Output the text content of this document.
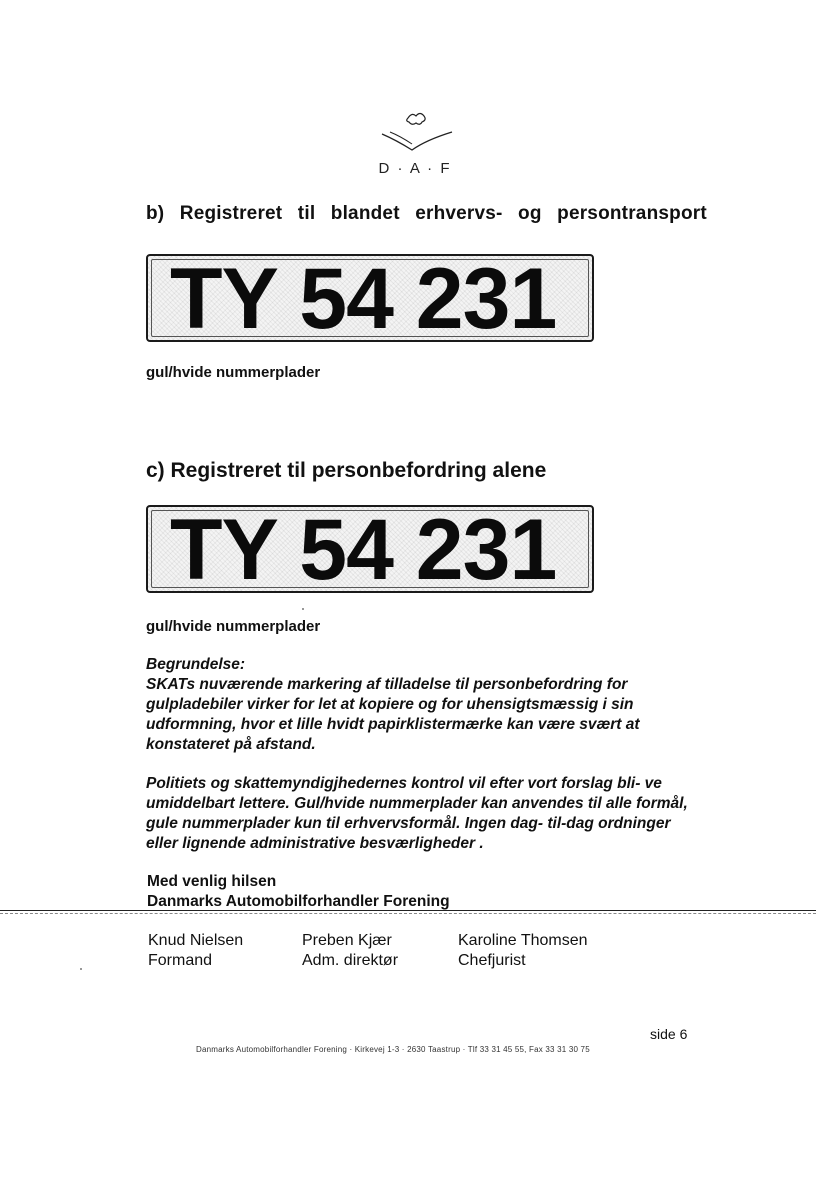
D · A · F
b) Registreret til blandet erhvervs- og persontransport
TY 54 231
gul/hvide nummerplader
c) Registreret til personbefordring alene
TY 54 231
gul/hvide nummerplader

Begrundelse:

SKATs nuværende markering af tilladelse til personbefordring for gulpladebiler virker for let at kopiere og for uhensigtsmæssig i sin udformning, hvor et lille hvidt papirklistermærke kan være svært at konstateret på afstand.

Politiets og skattemyndigjhedernes kontrol vil efter vort forslag bli- ve umiddelbart lettere. Gul/hvide nummerplader kan anvendes til alle formål, gule nummerplader kun til erhvervsformål. Ingen dag- til-dag ordninger eller lignende administrative besværligheder .
Med venlig hilsen
Danmarks Automobilforhandler Forening
Knud Nielsen
Formand
Preben Kjær
Adm. direktør
Karoline Thomsen
Chefjurist
side 6
Danmarks Automobilforhandler Forening · Kirkevej 1-3 · 2630 Taastrup · Tlf 33 31 45 55, Fax 33 31 30 75
